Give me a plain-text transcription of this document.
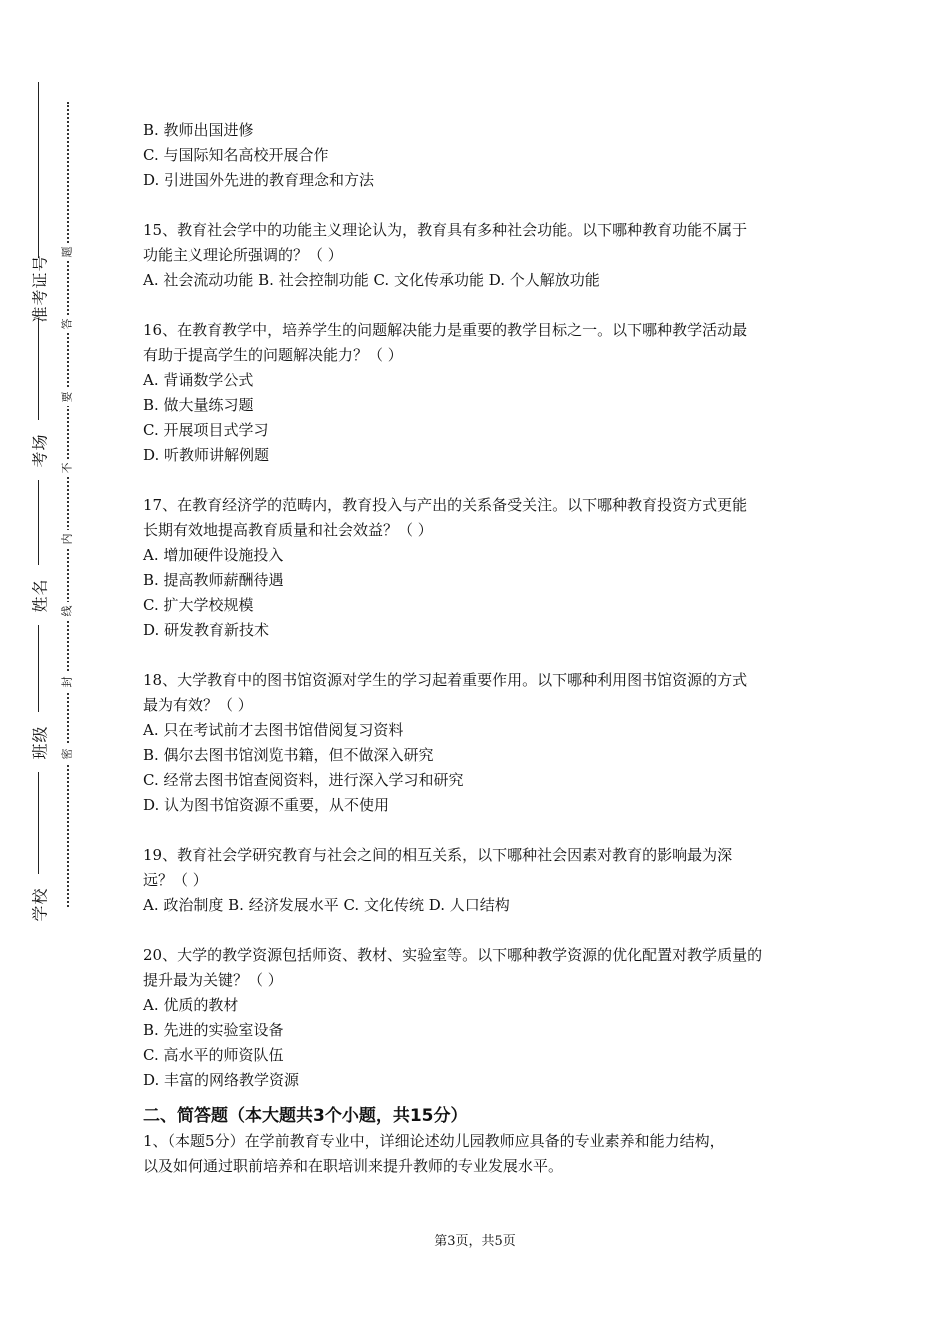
准考证号
考场
姓名
班级
学校
题
答
要
不
内
线
封
密

B. 教师出国进修

C. 与国际知名高校开展合作

D. 引进国外先进的教育理念和方法

15、教育社会学中的功能主义理论认为，教育具有多种社会功能。以下哪种教育功能不属于

功能主义理论所强调的？（ ）

A. 社会流动功能 B. 社会控制功能 C. 文化传承功能 D. 个人解放功能

16、在教育教学中，培养学生的问题解决能力是重要的教学目标之一。以下哪种教学活动最

有助于提高学生的问题解决能力？（ ）

A. 背诵数学公式

B. 做大量练习题

C. 开展项目式学习

D. 听教师讲解例题

17、在教育经济学的范畴内，教育投入与产出的关系备受关注。以下哪种教育投资方式更能

长期有效地提高教育质量和社会效益？（ ）

A. 增加硬件设施投入

B. 提高教师薪酬待遇

C. 扩大学校规模

D. 研发教育新技术

18、大学教育中的图书馆资源对学生的学习起着重要作用。以下哪种利用图书馆资源的方式

最为有效？（ ）

A. 只在考试前才去图书馆借阅复习资料

B. 偶尔去图书馆浏览书籍，但不做深入研究

C. 经常去图书馆查阅资料，进行深入学习和研究

D. 认为图书馆资源不重要，从不使用

19、教育社会学研究教育与社会之间的相互关系，以下哪种社会因素对教育的影响最为深

远？（ ）

A. 政治制度 B. 经济发展水平 C. 文化传统 D. 人口结构

20、大学的教学资源包括师资、教材、实验室等。以下哪种教学资源的优化配置对教学质量的

提升最为关键？（ ）

A. 优质的教材

B. 先进的实验室设备

C. 高水平的师资队伍

D. 丰富的网络教学资源

二、简答题（本大题共3个小题，共15分）

1、（本题5分）在学前教育专业中，详细论述幼儿园教师应具备的专业素养和能力结构，

以及如何通过职前培养和在职培训来提升教师的专业发展水平。

第3页，共5页
